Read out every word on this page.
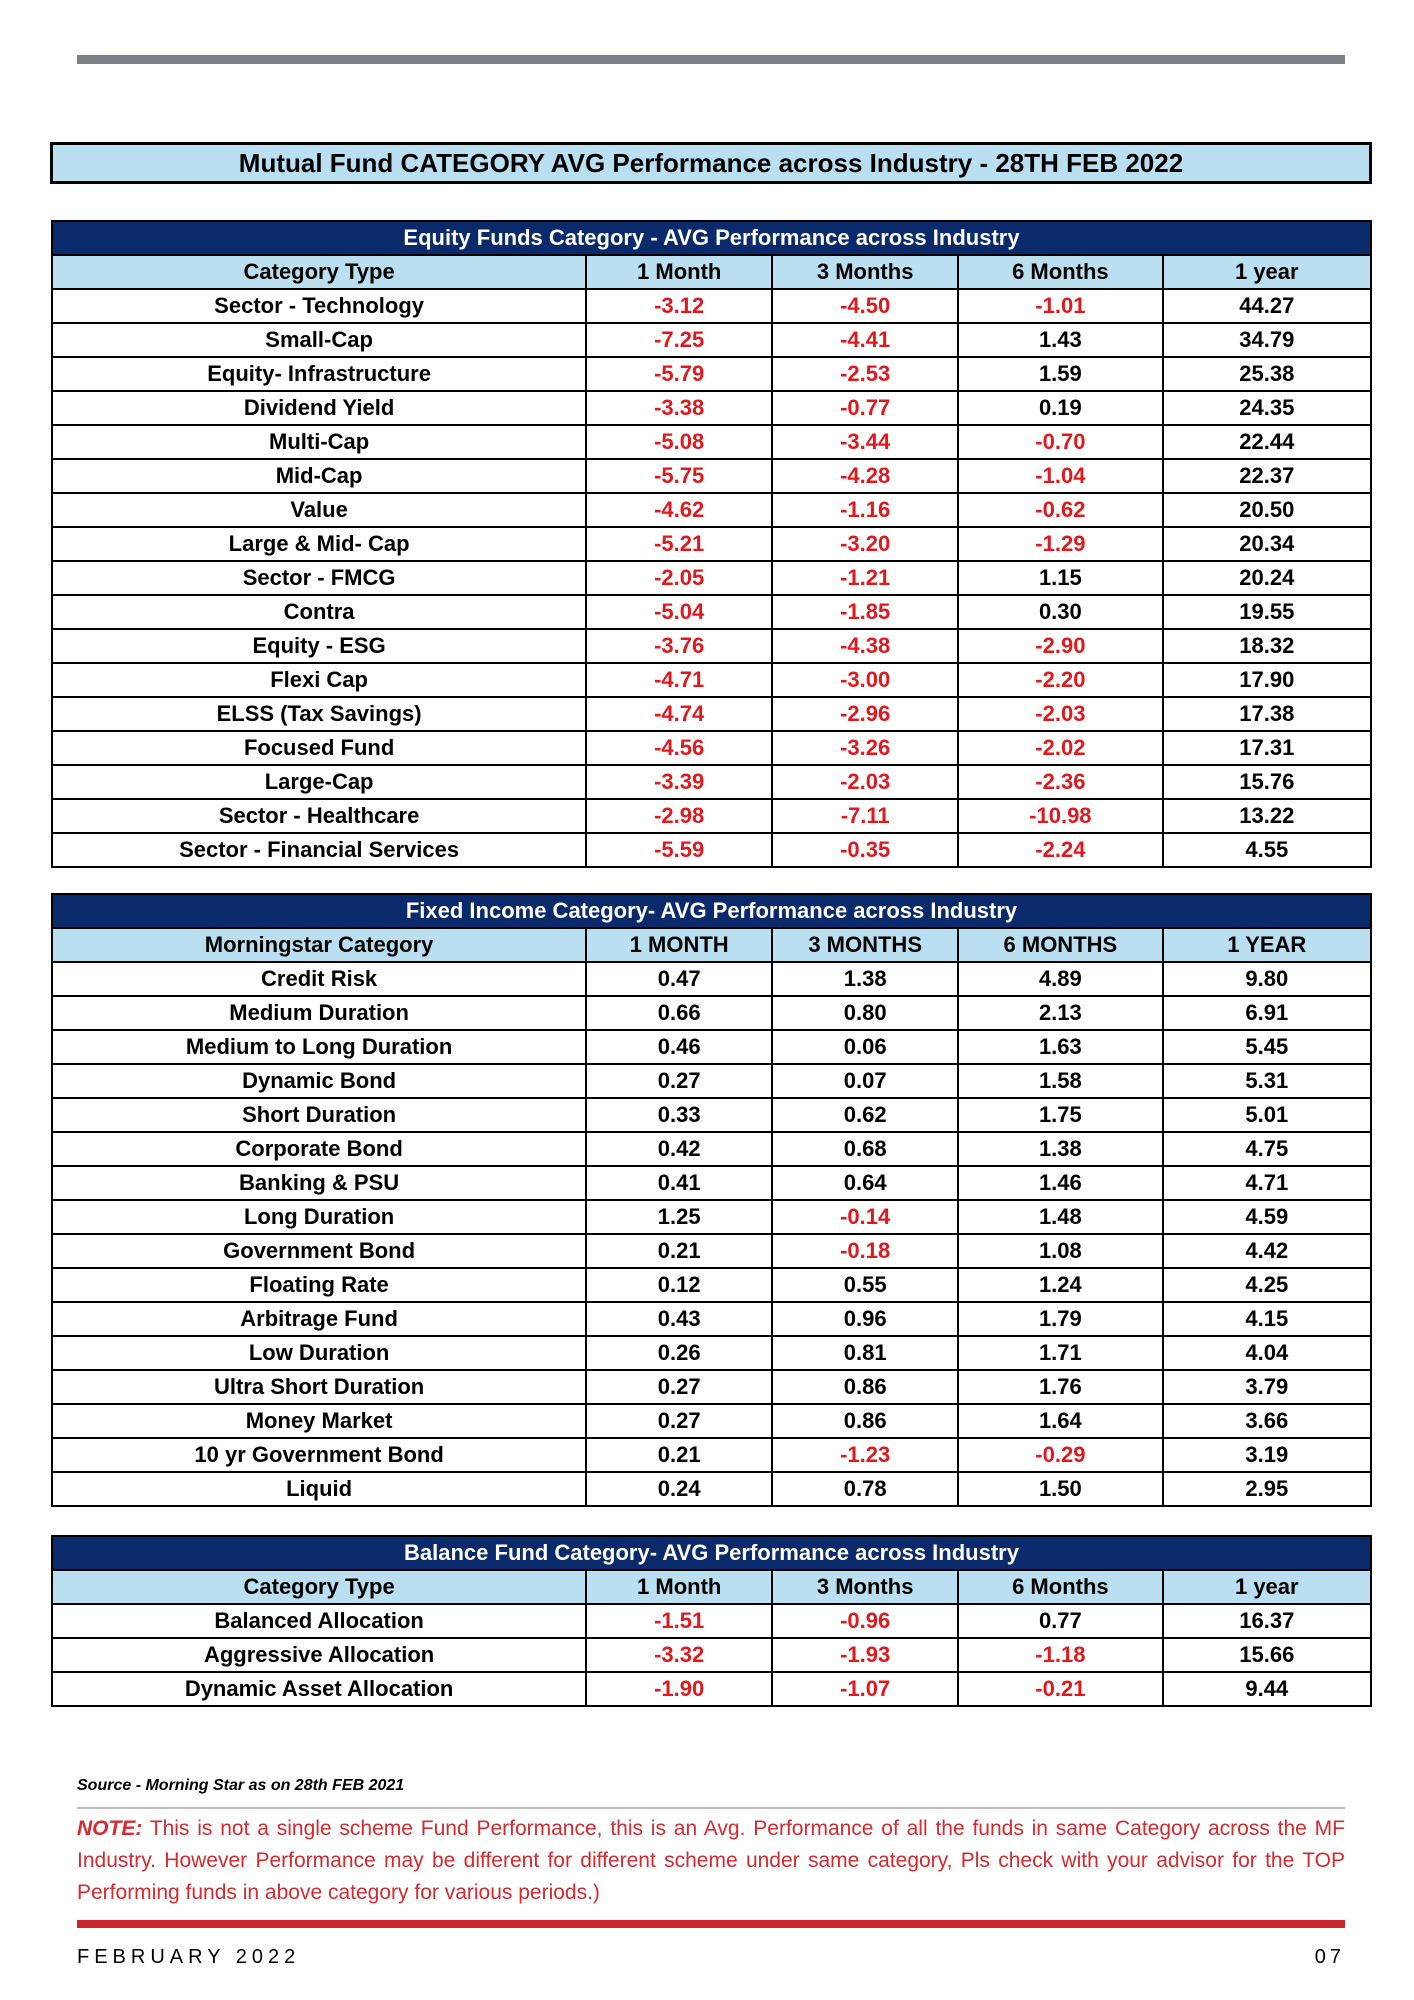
Mutual Fund CATEGORY AVG Performance across Industry - 28TH FEB 2022
Equity Funds Category - AVG Performance across Industry				
Category Type	1 Month	3 Months	6 Months	1 year
Sector - Technology	-3.12	-4.50	-1.01	44.27
Small-Cap	-7.25	-4.41	1.43	34.79
Equity- Infrastructure	-5.79	-2.53	1.59	25.38
Dividend Yield	-3.38	-0.77	0.19	24.35
Multi-Cap	-5.08	-3.44	-0.70	22.44
Mid-Cap	-5.75	-4.28	-1.04	22.37
Value	-4.62	-1.16	-0.62	20.50
Large & Mid- Cap	-5.21	-3.20	-1.29	20.34
Sector - FMCG	-2.05	-1.21	1.15	20.24
Contra	-5.04	-1.85	0.30	19.55
Equity - ESG	-3.76	-4.38	-2.90	18.32
Flexi Cap	-4.71	-3.00	-2.20	17.90
ELSS (Tax Savings)	-4.74	-2.96	-2.03	17.38
Focused Fund	-4.56	-3.26	-2.02	17.31
Large-Cap	-3.39	-2.03	-2.36	15.76
Sector - Healthcare	-2.98	-7.11	-10.98	13.22
Sector - Financial Services	-5.59	-0.35	-2.24	4.55
Fixed Income Category- AVG Performance across Industry				
Morningstar Category	1 MONTH	3 MONTHS	6 MONTHS	1 YEAR
Credit Risk	0.47	1.38	4.89	9.80
Medium Duration	0.66	0.80	2.13	6.91
Medium to Long Duration	0.46	0.06	1.63	5.45
Dynamic Bond	0.27	0.07	1.58	5.31
Short Duration	0.33	0.62	1.75	5.01
Corporate Bond	0.42	0.68	1.38	4.75
Banking & PSU	0.41	0.64	1.46	4.71
Long Duration	1.25	-0.14	1.48	4.59
Government Bond	0.21	-0.18	1.08	4.42
Floating Rate	0.12	0.55	1.24	4.25
Arbitrage Fund	0.43	0.96	1.79	4.15
Low Duration	0.26	0.81	1.71	4.04
Ultra Short Duration	0.27	0.86	1.76	3.79
Money Market	0.27	0.86	1.64	3.66
10 yr Government Bond	0.21	-1.23	-0.29	3.19
Liquid	0.24	0.78	1.50	2.95
Balance Fund Category- AVG Performance across Industry				
Category Type	1 Month	3 Months	6 Months	1 year
Balanced Allocation	-1.51	-0.96	0.77	16.37
Aggressive Allocation	-3.32	-1.93	-1.18	15.66
Dynamic Asset Allocation	-1.90	-1.07	-0.21	9.44
Source - Morning Star as on 28th FEB 2021
NOTE: This is not a single scheme Fund Performance, this is an Avg. Performance of all the funds in same Category across the MF Industry. However Performance may be different for different scheme under same category, Pls check with your advisor for the TOP Performing funds in above category for various periods.)
FEBRUARY 2022	07
